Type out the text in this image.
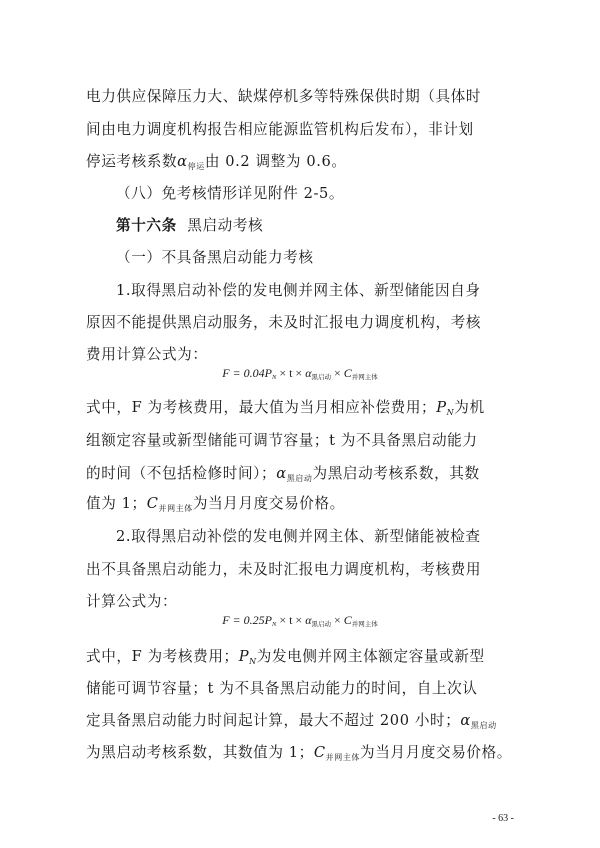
电力供应保障压力大、缺煤停机多等特殊保供时期（具体时
间由电力调度机构报告相应能源监管机构后发布），非计划
停运考核系数$\alpha_{停运}$由 0.2 调整为 0.6。
（八）免考核情形详见附件 2-5。
第十六条 黑启动考核
（一）不具备黑启动能力考核
1.取得黑启动补偿的发电侧并网主体、新型储能因自身
原因不能提供黑启动服务，未及时汇报电力调度机构，考核
费用计算公式为：
F = 0.04PN × t × α黑启动 × C并网主体
式中，F 为考核费用，最大值为当月相应补偿费用；$P_N$为机
组额定容量或新型储能可调节容量；t 为不具备黑启动能力
的时间（不包括检修时间）；$\alpha_{黑启动}$为黑启动考核系数，其数
值为 1；$C_{并网主体}$为当月月度交易价格。
2.取得黑启动补偿的发电侧并网主体、新型储能被检查
出不具备黑启动能力，未及时汇报电力调度机构，考核费用
计算公式为：
F = 0.25PN × t × α黑启动 × C并网主体
式中，F 为考核费用；$P_N$为发电侧并网主体额定容量或新型
储能可调节容量；t 为不具备黑启动能力的时间，自上次认
定具备黑启动能力时间起计算，最大不超过 200 小时；$\alpha_{黑启动}$
为黑启动考核系数，其数值为 1；$C_{并网主体}$为当月月度交易价格。
- 63 -
